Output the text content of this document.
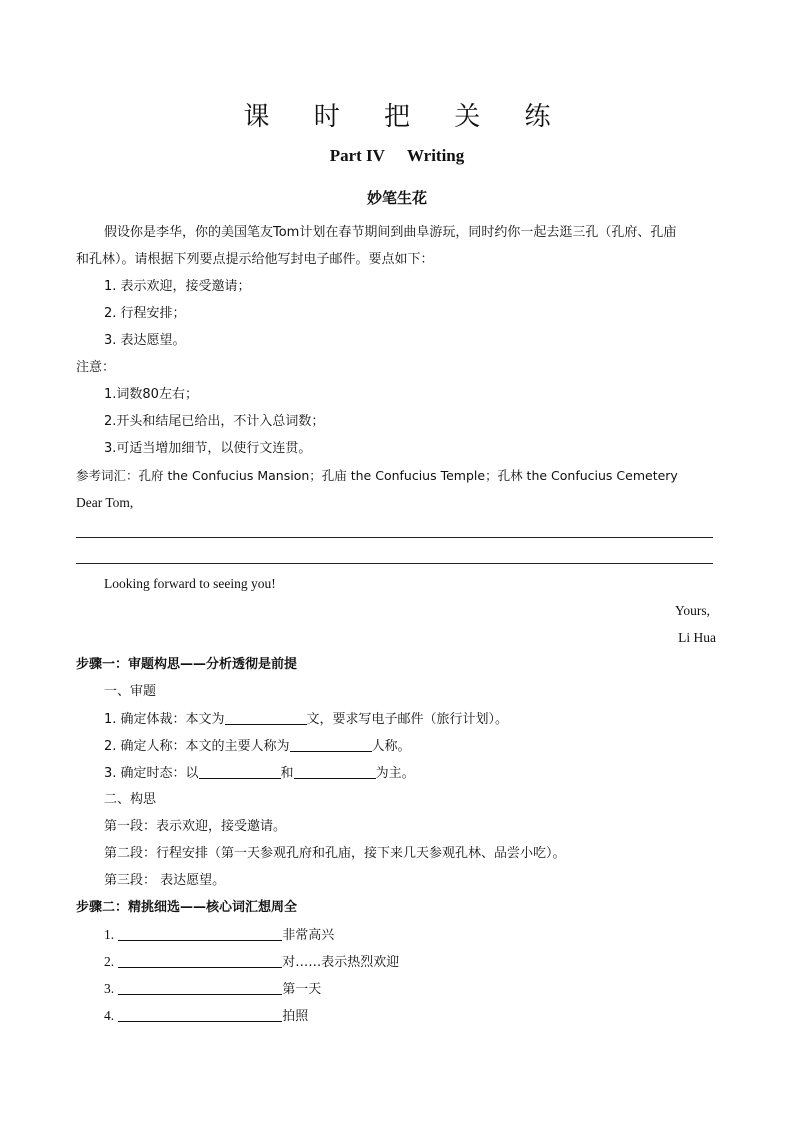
课 时 把 关 练
Part IV Writing
妙笔生花
假设你是李华，你的美国笔友Tom计划在春节期间到曲阜游玩，同时约你一起去逛三孔（孔府、孔庙
和孔林）。请根据下列要点提示给他写封电子邮件。要点如下：
1. 表示欢迎，接受邀请；
2. 行程安排；
3. 表达愿望。
注意：
1.词数80左右；
2.开头和结尾已给出，不计入总词数；
3.可适当增加细节，以使行文连贯。
参考词汇：孔府 the Confucius Mansion；孔庙 the Confucius Temple；孔林 the Confucius Cemetery
Dear Tom,
Looking forward to seeing you!
Yours,
Li Hua
步骤一：审题构思——分析透彻是前提
一、审题
1. 确定体裁：本文为	文，要求写电子邮件（旅行计划）。
2. 确定人称：本文的主要人称为	人称。
3. 确定时态：以	和	为主。
二、构思
第一段：表示欢迎，接受邀请。
第二段：行程安排（第一天参观孔府和孔庙，接下来几天参观孔林、品尝小吃）。
第三段： 表达愿望。
步骤二：精挑细选——核心词汇想周全
1.	非常高兴
2.	对……表示热烈欢迎
3.	第一天
4.	拍照
